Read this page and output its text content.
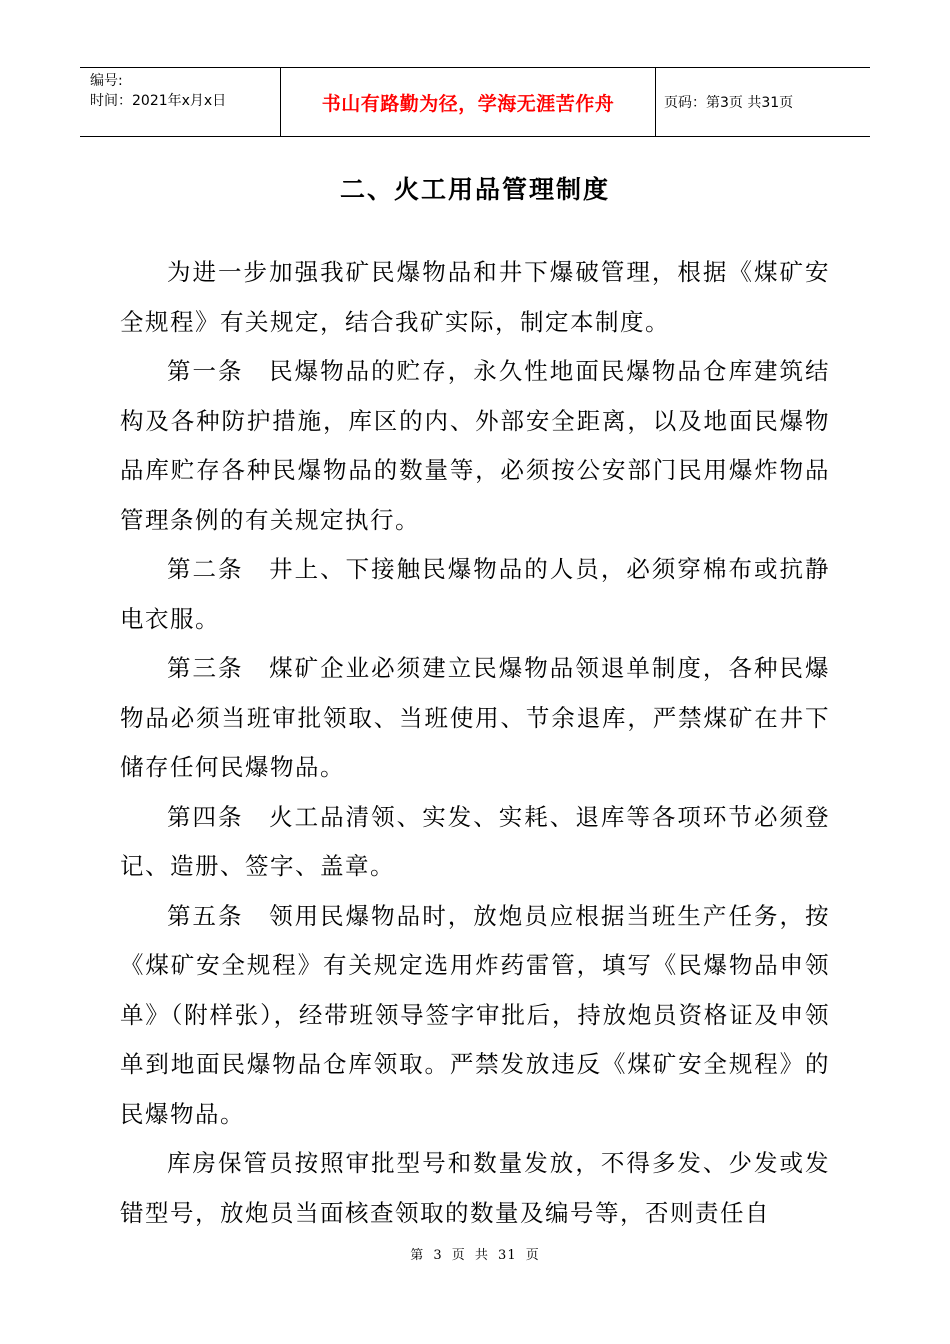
编号:
时间：2021年x月x日	书山有路勤为径，学海无涯苦作舟	页码：第3页 共31页
二、火工用品管理制度

为进一步加强我矿民爆物品和井下爆破管理，根据《煤矿安全规程》有关规定，结合我矿实际，制定本制度。

第一条　民爆物品的贮存，永久性地面民爆物品仓库建筑结构及各种防护措施，库区的内、外部安全距离，以及地面民爆物品库贮存各种民爆物品的数量等，必须按公安部门民用爆炸物品管理条例的有关规定执行。

第二条　井上、下接触民爆物品的人员，必须穿棉布或抗静电衣服。

第三条　煤矿企业必须建立民爆物品领退单制度，各种民爆物品必须当班审批领取、当班使用、节余退库，严禁煤矿在井下储存任何民爆物品。

第四条　火工品清领、实发、实耗、退库等各项环节必须登记、造册、签字、盖章。

第五条　领用民爆物品时，放炮员应根据当班生产任务，按《煤矿安全规程》有关规定选用炸药雷管，填写《民爆物品申领单》（附样张），经带班领导签字审批后，持放炮员资格证及申领单到地面民爆物品仓库领取。严禁发放违反《煤矿安全规程》的民爆物品。

库房保管员按照审批型号和数量发放，不得多发、少发或发错型号，放炮员当面核查领取的数量及编号等，否则责任自

第 3 页 共 31 页
